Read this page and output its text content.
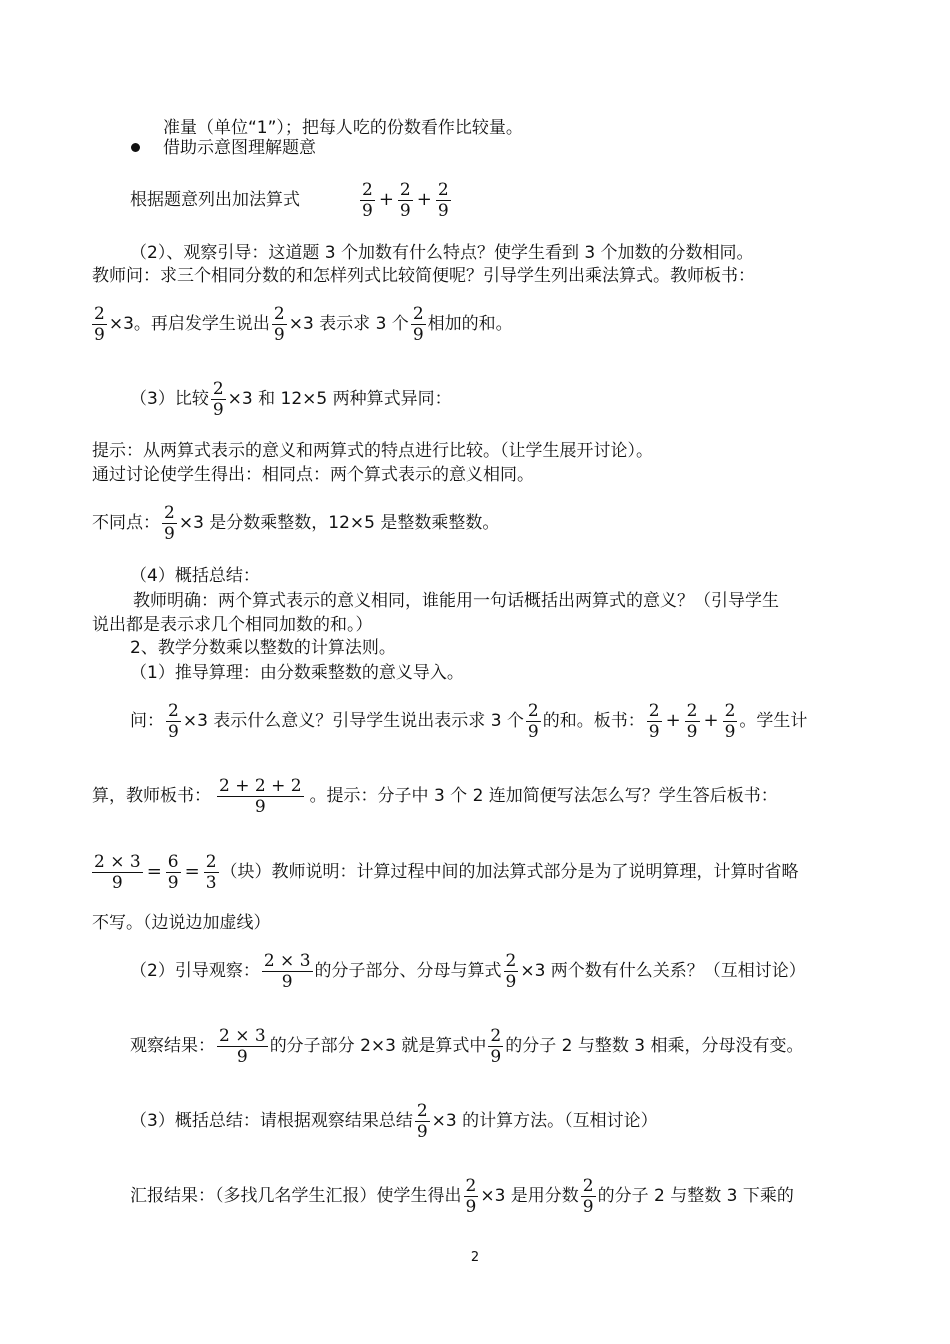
准量（单位“1”）；把每人吃的份数看作比较量。
借助示意图理解题意
根据题意列出加法算式	$\frac{2}{9} + \frac{2}{9} + \frac{2}{9}$
（2）、观察引导：这道题 3 个加数有什么特点？使学生看到 3 个加数的分数相同。
教师问：求三个相同分数的和怎样列式比较简便呢？引导学生列出乘法算式。教师板书：
$\frac{2}{9} \times 3$。再启发学生说出 $\frac{2}{9} \times 3$ 表示求 3 个 $\frac{2}{9}$ 相加的和。
（3）比较 $\frac{2}{9} \times 3$ 和 12×5 两种算式异同：
提示：从两算式表示的意义和两算式的特点进行比较。（让学生展开讨论）。
通过讨论使学生得出：相同点：两个算式表示的意义相同。
不同点： $\frac{2}{9} \times 3$ 是分数乘整数，12×5 是整数乘整数。
（4）概括总结：
教师明确：两个算式表示的意义相同，谁能用一句话概括出两算式的意义？（引导学生
说出都是表示求几个相同加数的和。）
2、教学分数乘以整数的计算法则。
（1）推导算理：由分数乘整数的意义导入。
问： $\frac{2}{9} \times 3$ 表示什么意义？引导学生说出表示求 3 个 $\frac{2}{9}$ 的和。板书： $\frac{2}{9} + \frac{2}{9} + \frac{2}{9}$ 。学生计
算，教师板书： $\frac{2 + 2 + 2}{9}$ 。提示：分子中 3 个 2 连加简便写法怎么写？学生答后板书：
$\frac{2 \times 3}{9} = \frac{6}{9} = \frac{2}{3}$ （块）教师说明：计算过程中间的加法算式部分是为了说明算理，计算时省略
不写。（边说边加虚线）
（2）引导观察： $\frac{2 \times 3}{9}$ 的分子部分、分母与算式 $\frac{2}{9} \times 3$ 两个数有什么关系？（互相讨论）
观察结果： $\frac{2 \times 3}{9}$ 的分子部分 2×3 就是算式中 $\frac{2}{9}$ 的分子 2 与整数 3 相乘，分母没有变。
（3）概括总结：请根据观察结果总结 $\frac{2}{9} \times 3$ 的计算方法。（互相讨论）
汇报结果：（多找几名学生汇报）使学生得出 $\frac{2}{9} \times 3$ 是用分数 $\frac{2}{9}$ 的分子 2 与整数 3 下乘的
2
